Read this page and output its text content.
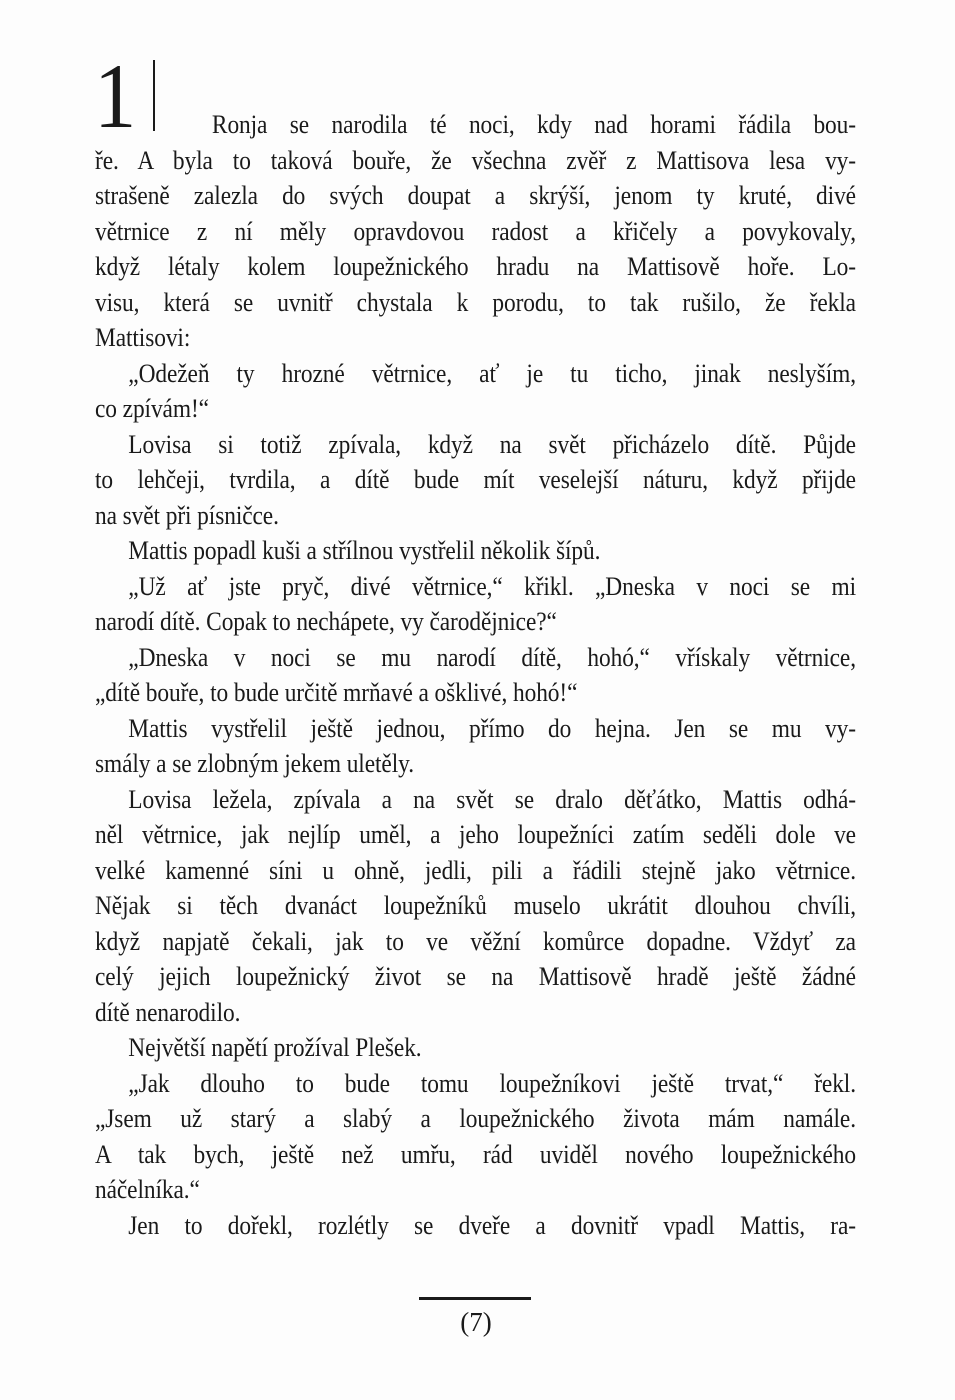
1	Ronja se narodila té noci, kdy nad horami řádila bou-
ře. A byla to taková bouře, že všechna zvěř z Mattisova lesa vy-
strašeně zalezla do svých doupat a skrýší, jenom ty kruté, divé
větrnice z ní měly opravdovou radost a křičely a povykovaly,
když létaly kolem loupežnického hradu na Mattisově hoře. Lo-
visu, která se uvnitř chystala k porodu, to tak rušilo, že řekla
Mattisovi:
„Odežeň ty hrozné větrnice, ať je tu ticho, jinak neslyším,
co zpívám!“
Lovisa si totiž zpívala, když na svět přicházelo dítě. Půjde
to lehčeji, tvrdila, a dítě bude mít veselejší náturu, když přijde
na svět při písničce.
Mattis popadl kuši a střílnou vystřelil několik šípů.
„Už ať jste pryč, divé větrnice,“ křikl. „Dneska v noci se mi
narodí dítě. Copak to nechápete, vy čarodějnice?“
„Dneska v noci se mu narodí dítě, hohó,“ vřískaly větrnice,
„dítě bouře, to bude určitě mrňavé a ošklivé, hohó!“
Mattis vystřelil ještě jednou, přímo do hejna. Jen se mu vy-
smály a se zlobným jekem uletěly.
Lovisa ležela, zpívala a na svět se dralo děťátko, Mattis odhá-
něl větrnice, jak nejlíp uměl, a jeho loupežníci zatím seděli dole ve
velké kamenné síni u ohně, jedli, pili a řádili stejně jako větrnice.
Nějak si těch dvanáct loupežníků muselo ukrátit dlouhou chvíli,
když napjatě čekali, jak to ve věžní komůrce dopadne. Vždyť za
celý jejich loupežnický život se na Mattisově hradě ještě žádné
dítě nenarodilo.
Největší napětí prožíval Plešek.
„Jak dlouho to bude tomu loupežníkovi ještě trvat,“ řekl.
„Jsem už starý a slabý a loupežnického života mám namále.
A tak bych, ještě než umřu, rád uviděl nového loupežnického
náčelníka.“
Jen to dořekl, rozlétly se dveře a dovnitř vpadl Mattis, ra-
(7)
